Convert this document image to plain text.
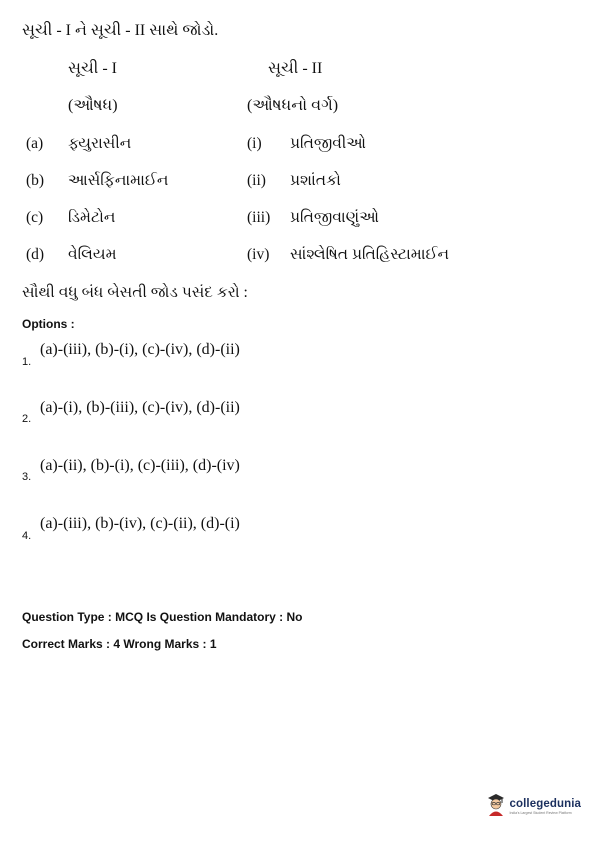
સૂચી - I ને સૂચી - II સાથે જોડો.
સૂચી - I	સૂચી - II
(ઔષધ)	(ઔષધનો વર્ગ)
(a) ફ્યુરાસીન	(i) પ્રતિજીવીઓ
(b) આર્સફિનામાઈન	(ii) પ્રશાંતકો
(c) ડિમેટોન	(iii) પ્રતિજીવાણુંઓ
(d) વેલિયમ	(iv) સાંશ્લેષિત પ્રતિહિસ્ટામાઈન
સૌથી વધુ બંધ બેસતી જોડ પસંદ કરો :
Options :
1.
(a)-(iii), (b)-(i), (c)-(iv), (d)-(ii)
2.
(a)-(i), (b)-(iii), (c)-(iv), (d)-(ii)
3.
(a)-(ii), (b)-(i), (c)-(iii), (d)-(iv)
4.
(a)-(iii), (b)-(iv), (c)-(ii), (d)-(i)
Question Type : MCQ Is Question Mandatory : No
Correct Marks : 4 Wrong Marks : 1
collegedunia
India's Largest Student Review Platform
